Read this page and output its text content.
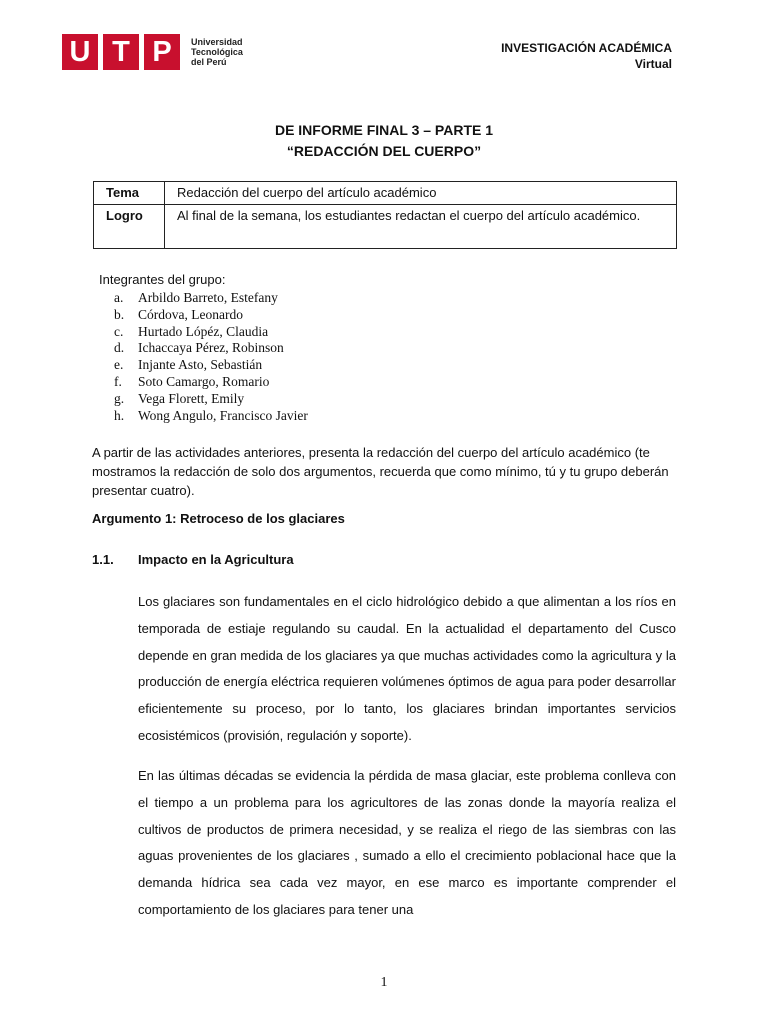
U T P	Universidad
Tecnológica
del Perú
INVESTIGACIÓN ACADÉMICA
Virtual
DE INFORME FINAL 3 – PARTE 1
“REDACCIÓN DEL CUERPO”
Tema	Redacción del cuerpo del artículo académico
Logro	Al final de la semana, los estudiantes redactan el cuerpo del artículo académico.
Integrantes del grupo:
a.	Arbildo Barreto, Estefany
b.	Córdova, Leonardo
c.	Hurtado Lópéz, Claudia
d.	Ichaccaya Pérez, Robinson
e.	Injante Asto, Sebastián
f.	Soto Camargo, Romario
g.	Vega Florett, Emily
h.	Wong Angulo, Francisco Javier
A partir de las actividades anteriores, presenta la redacción del cuerpo del artículo académico (te mostramos la redacción de solo dos argumentos, recuerda que como mínimo, tú y tu grupo deberán presentar cuatro).
Argumento 1: Retroceso de los glaciares
1.1. Impacto en la Agricultura
Los glaciares son fundamentales en el ciclo hidrológico debido a que alimentan a los ríos en temporada de estiaje regulando su caudal. En la actualidad el departamento del Cusco depende en gran medida de los glaciares ya que muchas actividades como la agricultura y la producción de energía eléctrica requieren volúmenes óptimos de agua para poder desarrollar eficientemente su proceso, por lo tanto, los glaciares brindan importantes servicios ecosistémicos (provisión, regulación y soporte).
En las últimas décadas se evidencia la pérdida de masa glaciar, este problema conlleva con el tiempo a un problema para los agricultores de las zonas donde la mayoría realiza el cultivos de productos de primera necesidad, y se realiza el riego de las siembras con las aguas provenientes de los glaciares , sumado a ello el crecimiento poblacional hace que la demanda hídrica sea cada vez mayor, en ese marco es importante comprender el comportamiento de los glaciares para tener una
1
